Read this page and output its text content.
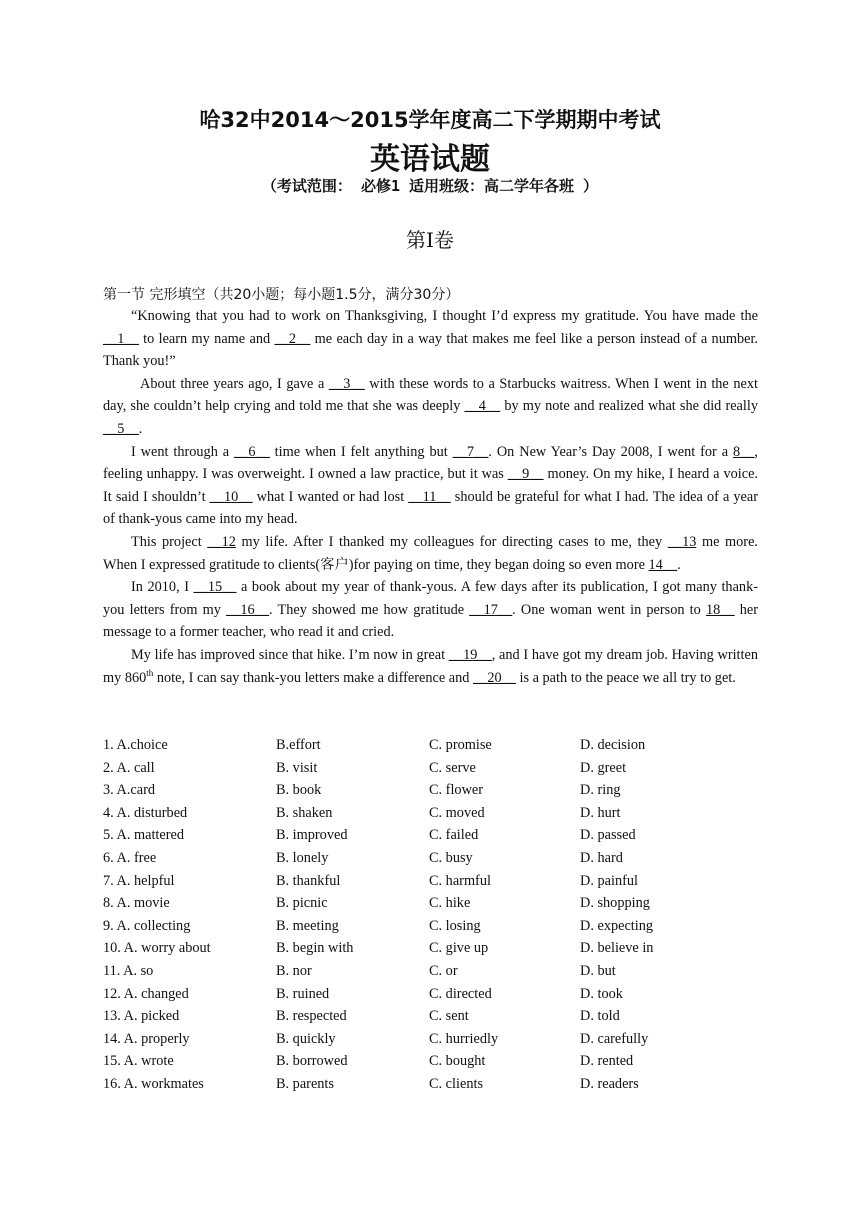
哈32中2014～2015学年度高二下学期期中考试
英语试题
（考试范围： 必修1 适用班级：高二学年各班 ）
第Ⅰ卷
第一节 完形填空（共20小题；每小题1.5分，满分30分）

“Knowing that you had to work on Thanksgiving, I thought I’d express my gratitude. You have made the __1__ to learn my name and __2__ me each day in a way that makes me feel like a person instead of a number. Thank you!”

About three years ago, I gave a __3__ with these words to a Starbucks waitress. When I went in the next day, she couldn’t help crying and told me that she was deeply __4__ by my note and realized what she did really __5__.

I went through a __6__ time when I felt anything but __7__. On New Year’s Day 2008, I went for a 8__, feeling unhappy. I was overweight. I owned a law practice, but it was __9__ money. On my hike, I heard a voice. It said I shouldn’t __10__ what I wanted or had lost __11__ should be grateful for what I had. The idea of a year of thank-yous came into my head.

This project __12 my life. After I thanked my colleagues for directing cases to me, they __13 me more. When I expressed gratitude to clients(客户)for paying on time, they began doing so even more 14__.

In 2010, I __15__ a book about my year of thank-yous. A few days after its publication, I got many thank-you letters from my __16__. They showed me how gratitude __17__. One woman went in person to 18__ her message to a former teacher, who read it and cried.

My life has improved since that hike. I’m now in great __19__, and I have got my dream job. Having written my 860th note, I can say thank-you letters make a difference and __20__ is a path to the peace we all try to get.

1. A.choice	B.effort	C. promise	D. decision
2. A. call	B. visit	C. serve	D. greet
3. A.card	B. book	C. flower	D. ring
4. A. disturbed	B. shaken	C. moved	D. hurt
5. A. mattered	B. improved	C. failed	D. passed
6. A. free	B. lonely	C. busy	D. hard
7. A. helpful	B. thankful	C. harmful	D. painful
8. A. movie	B. picnic	C. hike	D. shopping
9. A. collecting	B. meeting	C. losing	D. expecting
10. A. worry about	B. begin with	C. give up	D. believe in
11. A. so	B. nor	C. or	D. but
12. A. changed	B. ruined	C. directed	D. took
13. A. picked	B. respected	C. sent	D. told
14. A. properly	B. quickly	C. hurriedly	D. carefully
15. A. wrote	B. borrowed	C. bought	D. rented
16. A. workmates	B. parents	C. clients	D. readers
